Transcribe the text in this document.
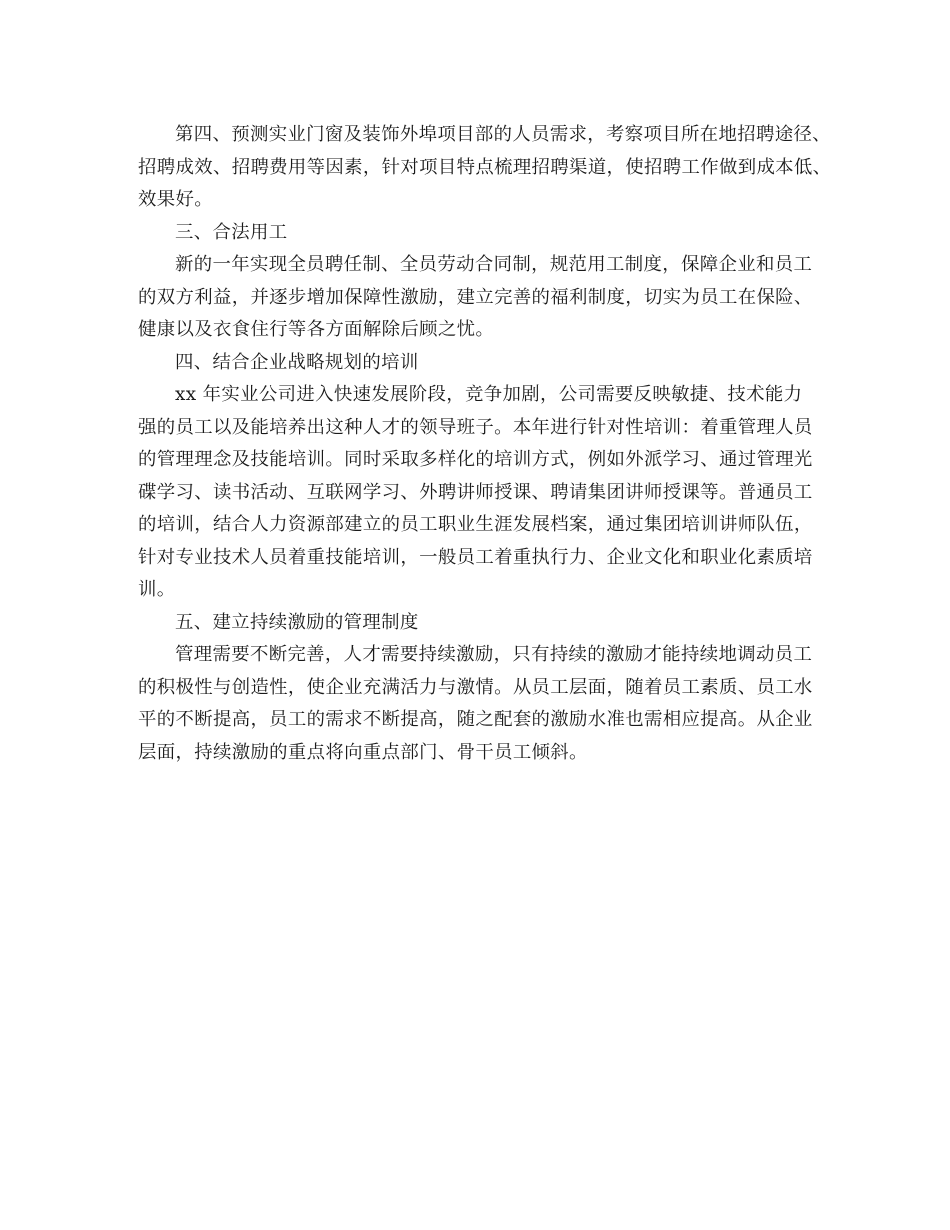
第四、预测实业门窗及装饰外埠项目部的人员需求，考察项目所在地招聘途径、
招聘成效、招聘费用等因素，针对项目特点梳理招聘渠道，使招聘工作做到成本低、
效果好。
三、合法用工
新的一年实现全员聘任制、全员劳动合同制，规范用工制度，保障企业和员工
的双方利益，并逐步增加保障性激励，建立完善的福利制度，切实为员工在保险、
健康以及衣食住行等各方面解除后顾之忧。
四、结合企业战略规划的培训
xx 年实业公司进入快速发展阶段，竞争加剧，公司需要反映敏捷、技术能力
强的员工以及能培养出这种人才的领导班子。本年进行针对性培训：着重管理人员
的管理理念及技能培训。同时采取多样化的培训方式，例如外派学习、通过管理光
碟学习、读书活动、互联网学习、外聘讲师授课、聘请集团讲师授课等。普通员工
的培训，结合人力资源部建立的员工职业生涯发展档案，通过集团培训讲师队伍，
针对专业技术人员着重技能培训，一般员工着重执行力、企业文化和职业化素质培
训。
五、建立持续激励的管理制度
管理需要不断完善，人才需要持续激励，只有持续的激励才能持续地调动员工
的积极性与创造性，使企业充满活力与激情。从员工层面，随着员工素质、员工水
平的不断提高，员工的需求不断提高，随之配套的激励水准也需相应提高。从企业
层面，持续激励的重点将向重点部门、骨干员工倾斜。
